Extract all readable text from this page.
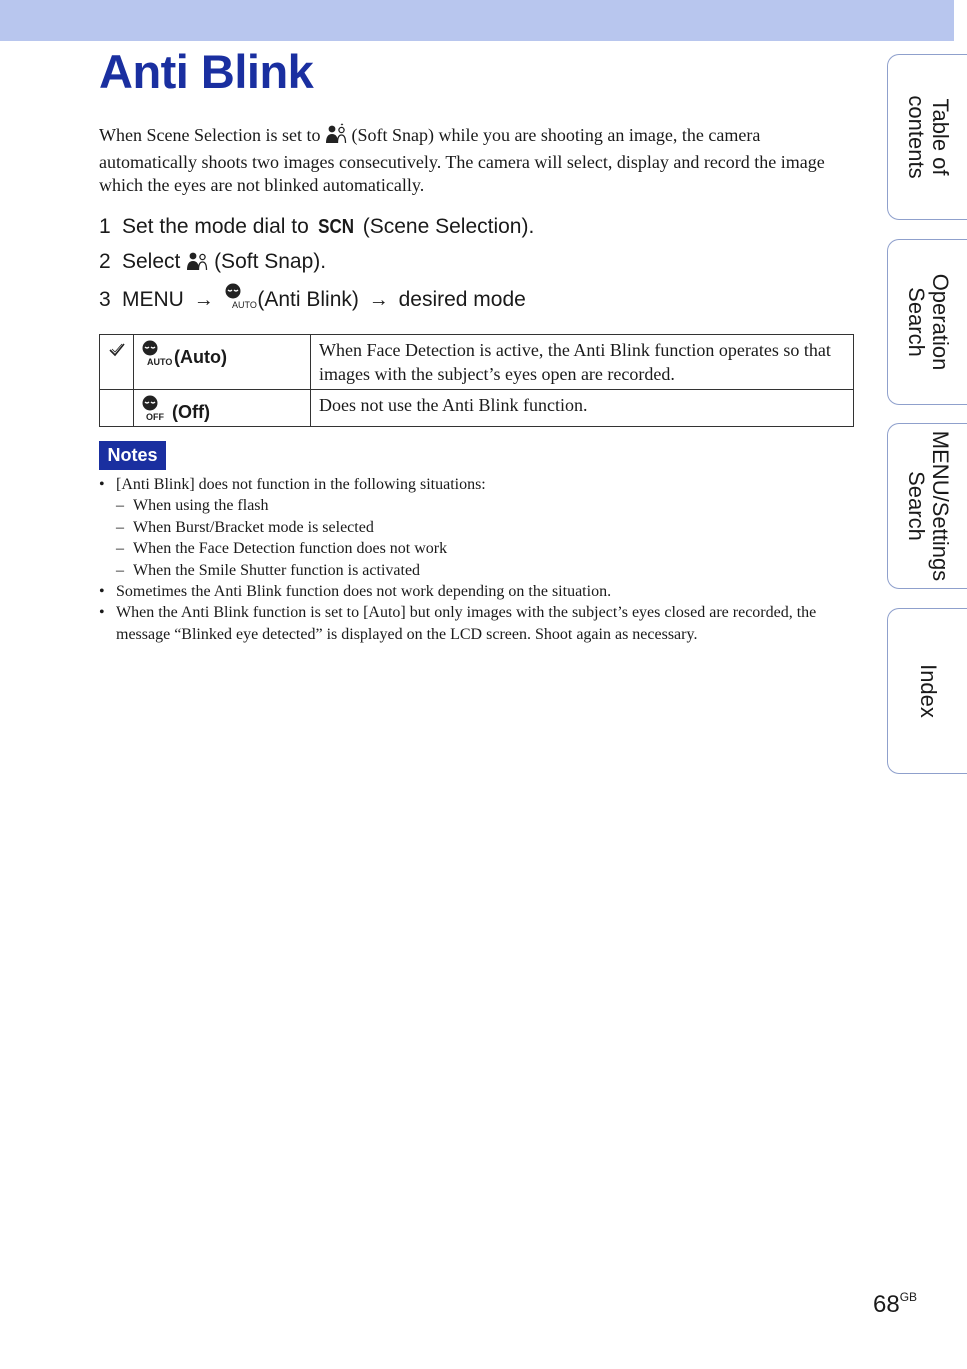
Anti Blink

When Scene Selection is set to (Soft Snap) while you are shooting an image, the camera automatically shoots two images consecutively. The camera will select, display and record the image which the eyes are not blinked automatically.

1 Set the mode dial to SCN (Scene Selection).
2 Select (Soft Snap).
3 MENU → AUTO (Anti Blink) → desired mode

AUTO (Auto)	When Face Detection is active, the Anti Blink function operates so that images with the subject’s eyes open are recorded.

OFF (Off)	Does not use the Anti Blink function.
Notes
• [Anti Blink] does not function in the following situations:
– When using the flash
– When Burst/Bracket mode is selected
– When the Face Detection function does not work
– When the Smile Shutter function is activated
• Sometimes the Anti Blink function does not work depending on the situation.
• When the Anti Blink function is set to [Auto] but only images with the subject’s eyes closed are recorded, the message “Blinked eye detected” is displayed on the LCD screen. Shoot again as necessary.
Table of
contents
Operation
Search
MENU/Settings
Search
Index
$68^{GB}$
